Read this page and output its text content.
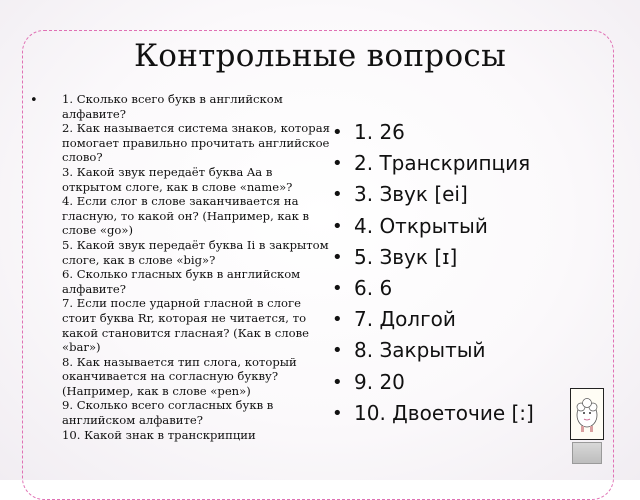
Контрольные вопросы
• 1. Сколько всего букв в английском алфавите?
2. Как называется система знаков, которая помогает правильно прочитать английское слово?
3. Какой звук передаёт буква Aa в открытом слоге, как в слове «name»?
4. Если слог в слове заканчивается на гласную, то какой он? (Например, как в слове «go»)
5. Какой звук передаёт буква Ii в закрытом слоге, как в слове «big»?
6. Сколько гласных букв в английском алфавите?
7. Если после ударной гласной в слоге стоит буква Rr, которая не читается, то какой становится гласная? (Как в слове «bar»)
8. Как называется тип слога, который оканчивается на согласную букву? (Например, как в слове «pen»)
9. Сколько всего согласных букв в английском алфавите?
10. Какой знак в транскрипции
• 1. 26
• 2. Транскрипция
• 3. Звук [ei]
• 4. Открытый
• 5. Звук [ɪ]
• 6. 6
• 7. Долгой
• 8. Закрытый
• 9. 20
• 10. Двоеточие [:]
